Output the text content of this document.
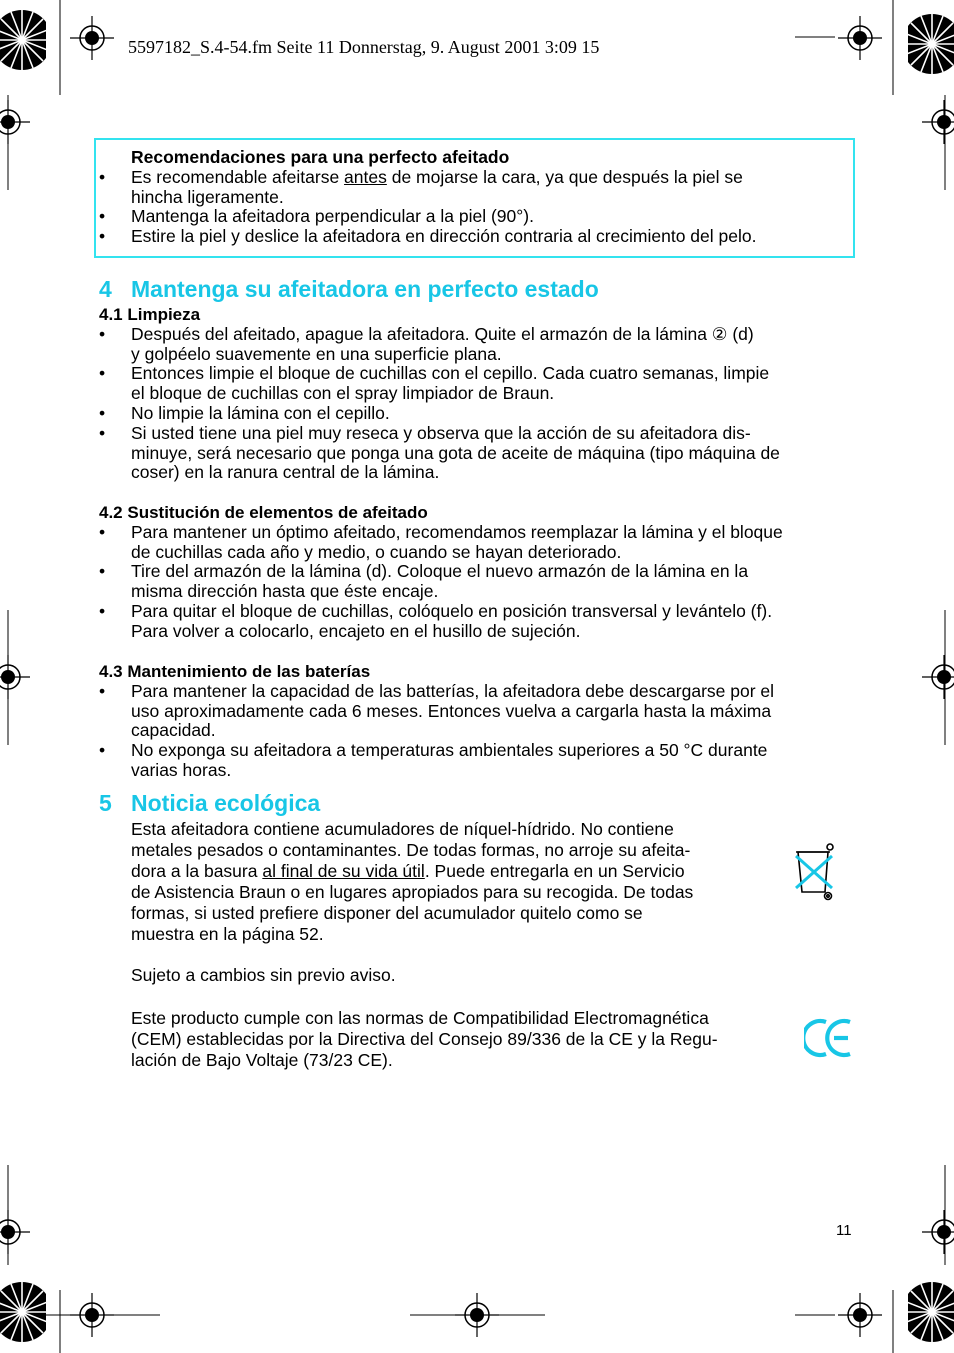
5597182_S.4-54.fm Seite 11 Donnerstag, 9. August 2001 3:09 15
Recomendaciones para una perfecto afeitado
• Es recomendable afeitarse antes de mojarse la cara, ya que después la piel se
hincha ligeramente.
• Mantenga la afeitadora perpendicular a la piel (90°).
• Estire la piel y deslice la afeitadora en dirección contraria al crecimiento del pelo.
4 Mantenga su afeitadora en perfecto estado
4.1 Limpieza
• Después del afeitado, apague la afeitadora. Quite el armazón de la lámina ② (d)
y golpéelo suavemente en una superficie plana.
• Entonces limpie el bloque de cuchillas con el cepillo. Cada cuatro semanas, limpie
el bloque de cuchillas con el spray limpiador de Braun.
• No limpie la lámina con el cepillo.
• Si usted tiene una piel muy reseca y observa que la acción de su afeitadora dis-
minuye, será necesario que ponga una gota de aceite de máquina (tipo máquina de
coser) en la ranura central de la lámina.
4.2 Sustitución de elementos de afeitado
• Para mantener un óptimo afeitado, recomendamos reemplazar la lámina y el bloque
de cuchillas cada año y medio, o cuando se hayan deteriorado.
• Tire del armazón de la lámina (d). Coloque el nuevo armazón de la lámina en la
misma dirección hasta que éste encaje.
• Para quitar el bloque de cuchillas, colóquelo en posición transversal y levántelo (f).
Para volver a colocarlo, encajeto en el husillo de sujeción.
4.3 Mantenimiento de las baterías
• Para mantener la capacidad de las batterías, la afeitadora debe descargarse por el
uso aproximadamente cada 6 meses. Entonces vuelva a cargarla hasta la máxima
capacidad.
• No exponga su afeitadora a temperaturas ambientales superiores a 50 °C durante
varias horas.
5 Noticia ecológica
Esta afeitadora contiene acumuladores de níquel-hídrido. No contiene
metales pesados o contaminantes. De todas formas, no arroje su afeita-
dora a la basura al final de su vida útil. Puede entregarla en un Servicio
de Asistencia Braun o en lugares apropiados para su recogida. De todas
formas, si usted prefiere disponer del acumulador quitelo como se
muestra en la página 52.
Sujeto a cambios sin previo aviso.
Este producto cumple con las normas de Compatibilidad Electromagnética
(CEM) establecidas por la Directiva del Consejo 89/336 de la CE y la Regu-
lación de Bajo Voltaje (73/23 CE).
11
